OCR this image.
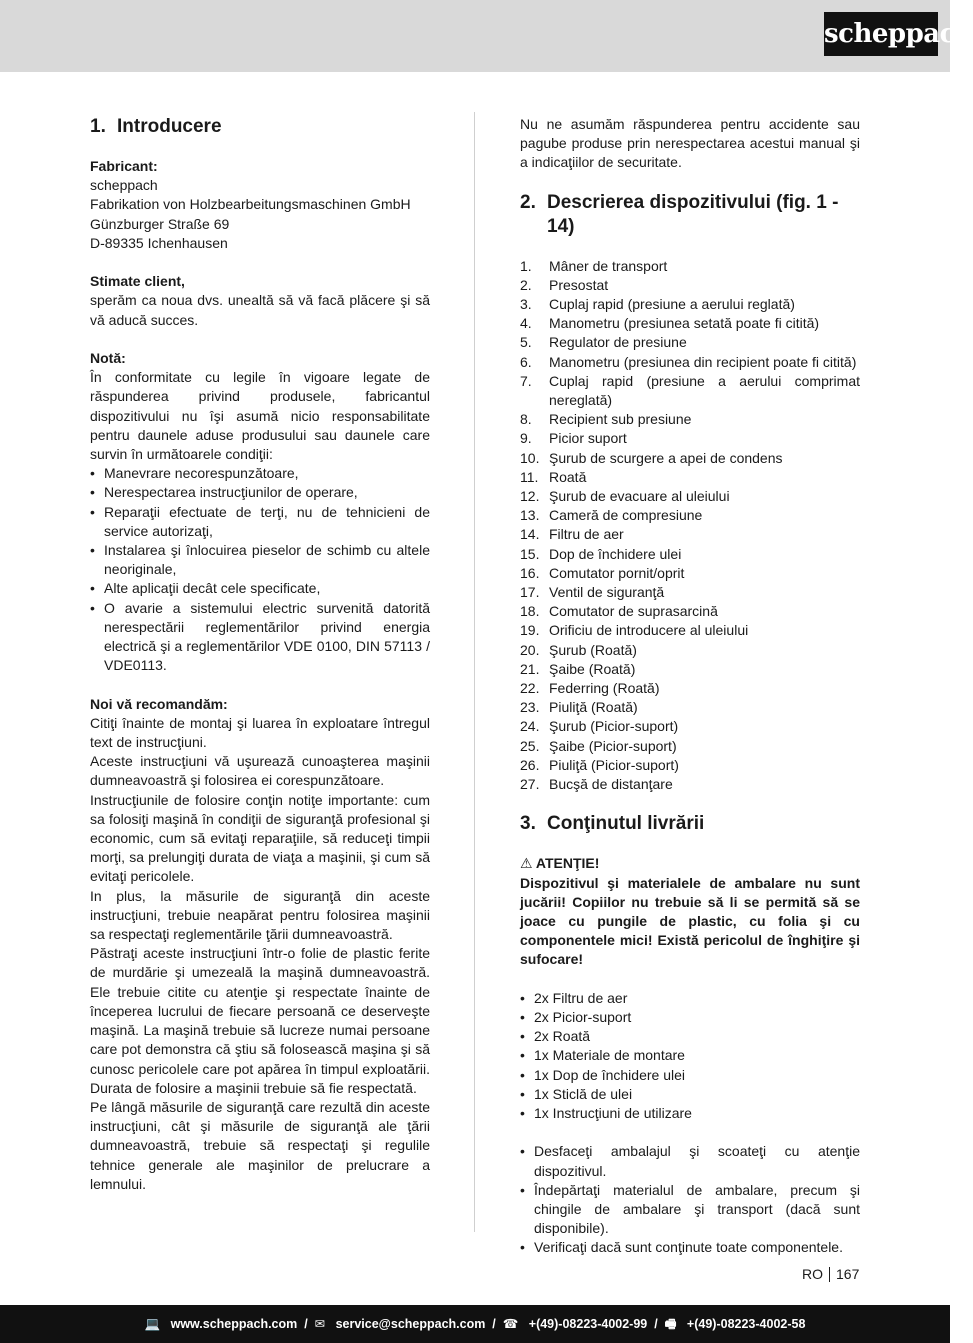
scheppach
1. Introducere
Fabricant:
scheppach
Fabrikation von Holzbearbeitungsmaschinen GmbH
Günzburger Straße 69
D-89335 Ichenhausen
Stimate client,
sperăm ca noua dvs. unealtă să vă facă plăcere şi să vă aducă succes.
Notă:
În conformitate cu legile în vigoare legate de răspunderea privind produsele, fabricantul dispozitivului nu îşi asumă nicio responsabilitate pentru daunele aduse produsului sau daunele care survin în următoarele condiţii:
• Manevrare necorespunzătoare,
• Nerespectarea instrucţiunilor de operare,
• Reparaţii efectuate de terţi, nu de tehnicieni de service autorizaţi,
• Instalarea şi înlocuirea pieselor de schimb cu altele neoriginale,
• Alte aplicaţii decât cele specificate,
• O avarie a sistemului electric survenită datorită nerespectării reglementărilor privind energia electrică şi a reglementărilor VDE 0100, DIN 57113 / VDE0113.
Noi vă recomandăm:
Citiţi înainte de montaj şi luarea în exploatare întregul text de instrucţiuni.
Aceste instrucţiuni vă uşurează cunoaşterea maşinii dumneavoastră şi folosirea ei corespunzătoare.
Instrucţiunile de folosire conţin notiţe importante: cum sa folosiţi maşină în condiţii de siguranţă profesional şi economic, cum să evitaţi reparaţiile, să reduceţi timpii morţi, sa prelungiţi durata de viaţa a maşinii, şi cum să evitaţi pericolele.
In plus, la măsurile de siguranţă din aceste instrucţiuni, trebuie neapărat pentru folosirea maşinii sa respectaţi reglementările ţării dumneavoastră.
Păstraţi aceste instrucţiuni într-o folie de plastic ferite de murdărie şi umezeală la maşină dumneavoastră. Ele trebuie citite cu atenţie şi respectate înainte de începerea lucrului de fiecare persoană ce deserveşte maşină. La maşină trebuie să lucreze numai persoane care pot demonstra că ştiu să folosească maşina şi să cunosc pericolele care pot apărea în timpul exploatării. Durata de folosire a maşinii trebuie să fie respectată.
Pe lângă măsurile de siguranţă care rezultă din aceste instrucţiuni, cât şi măsurile de siguranţă ale ţării dumneavoastră, trebuie să respectaţi şi regulile tehnice generale ale maşinilor de prelucrare a lemnului.
Nu ne asumăm răspunderea pentru accidente sau pagube produse prin nerespectarea acestui manual şi a indicaţiilor de securitate.
2. Descrierea dispozitivului (fig. 1 - 14)
1.	Mâner de transport
2.	Presostat
3.	Cuplaj rapid (presiune a aerului reglată)
4.	Manometru (presiunea setată poate fi citită)
5.	Regulator de presiune
6.	Manometru (presiunea din recipient poate fi citită)
7.	Cuplaj rapid (presiune a aerului comprimat nereglată)
8.	Recipient sub presiune
9.	Picior suport
10. Şurub de scurgere a apei de condens
11. Roată
12. Şurub de evacuare al uleiului
13. Cameră de compresiune
14. Filtru de aer
15. Dop de închidere ulei
16. Comutator pornit/oprit
17. Ventil de siguranţă
18. Comutator de suprasarcină
19. Orificiu de introducere al uleiului
20. Şurub (Roată)
21. Şaibe (Roată)
22. Federring (Roată)
23. Piuliţă (Roată)
24. Şurub (Picior-suport)
25. Şaibe (Picior-suport)
26. Piuliţă (Picior-suport)
27. Bucşă de distanţare
3. Conţinutul livrării
⚠ ATENŢIE!
Dispozitivul şi materialele de ambalare nu sunt jucării! Copiilor nu trebuie să li se permită să se joace cu pungile de plastic, cu folia şi cu componentele mici! Există pericolul de înghiţire şi sufocare!
• 2x Filtru de aer
• 2x Picior-suport
• 2x Roată
• 1x Materiale de montare
• 1x Dop de închidere ulei
• 1x Sticlă de ulei
• 1x Instrucţiuni de utilizare
• Desfaceţi ambalajul şi scoateţi cu atenţie dispozitivul.
• Îndepărtaţi materialul de ambalare, precum şi chingile de ambalare şi transport (dacă sunt disponibile).
• Verificaţi dacă sunt conţinute toate componentele.
RO 167
💻 www.scheppach.com  /  ✉ service@scheppach.com  /  ☎ +(49)-08223-4002-99  /  🖷 +(49)-08223-4002-58
